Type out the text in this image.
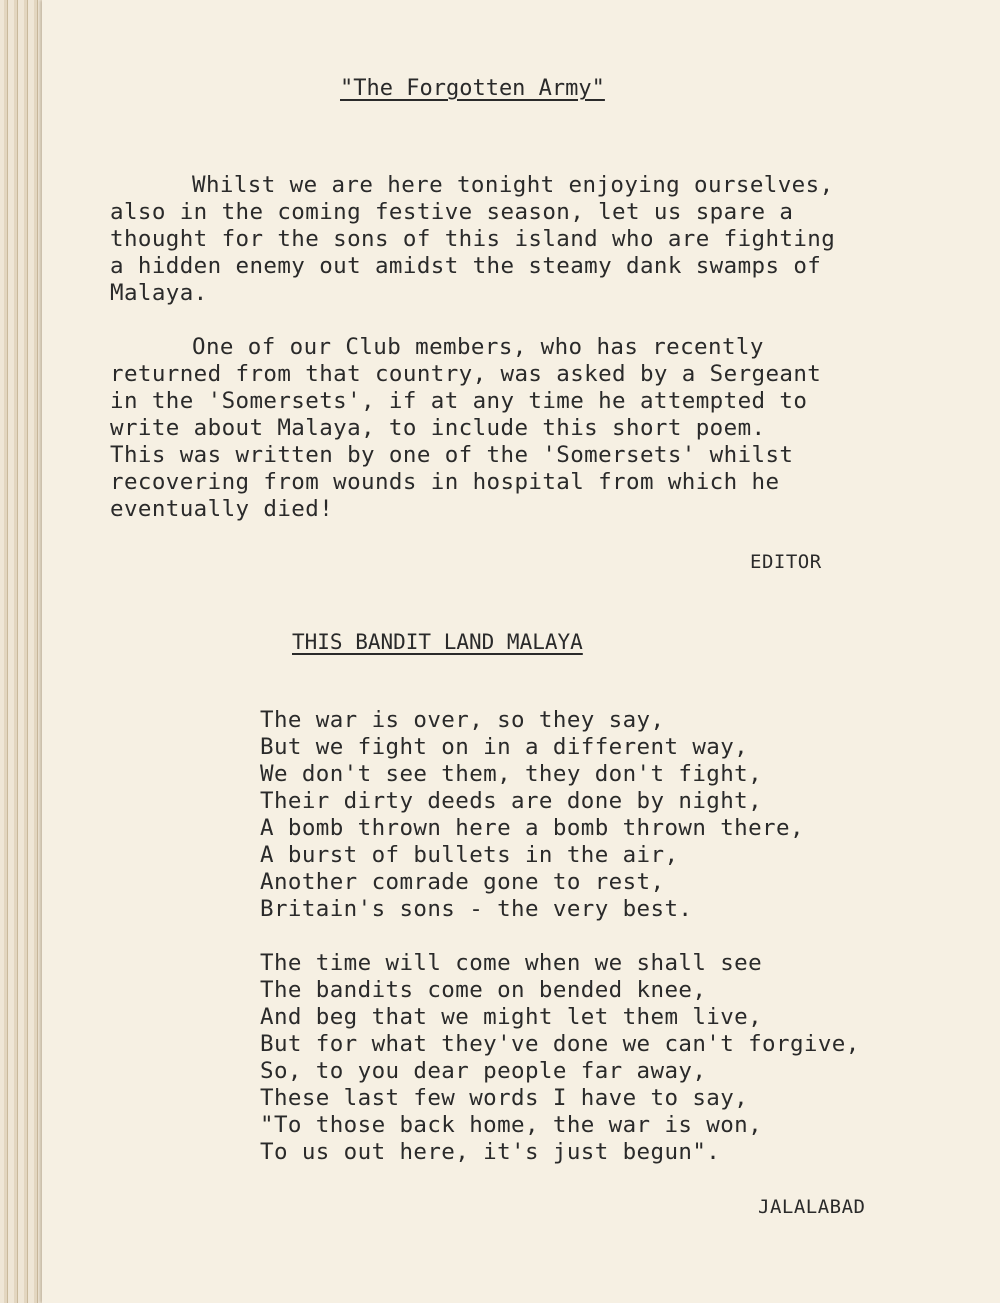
"The Forgotten Army"
Whilst we are here tonight enjoying ourselves,
also in the coming festive season, let us spare a
thought for the sons of this island who are fighting
a hidden enemy out amidst the steamy dank swamps of
Malaya.
One of our Club members, who has recently
returned from that country, was asked by a Sergeant
in the 'Somersets', if at any time he attempted to
write about Malaya, to include this short poem.
This was written by one of the 'Somersets' whilst
recovering from wounds in hospital from which he
eventually died!
EDITOR
THIS BANDIT LAND MALAYA
The war is over, so they say,
But we fight on in a different way,
We don't see them, they don't fight,
Their dirty deeds are done by night,
A bomb thrown here a bomb thrown there,
A burst of bullets in the air,
Another comrade gone to rest,
Britain's sons - the very best.
The time will come when we shall see
The bandits come on bended knee,
And beg that we might let them live,
But for what they've done we can't forgive,
So, to you dear people far away,
These last few words I have to say,
"To those back home, the war is won,
To us out here, it's just begun".
JALALABAD
